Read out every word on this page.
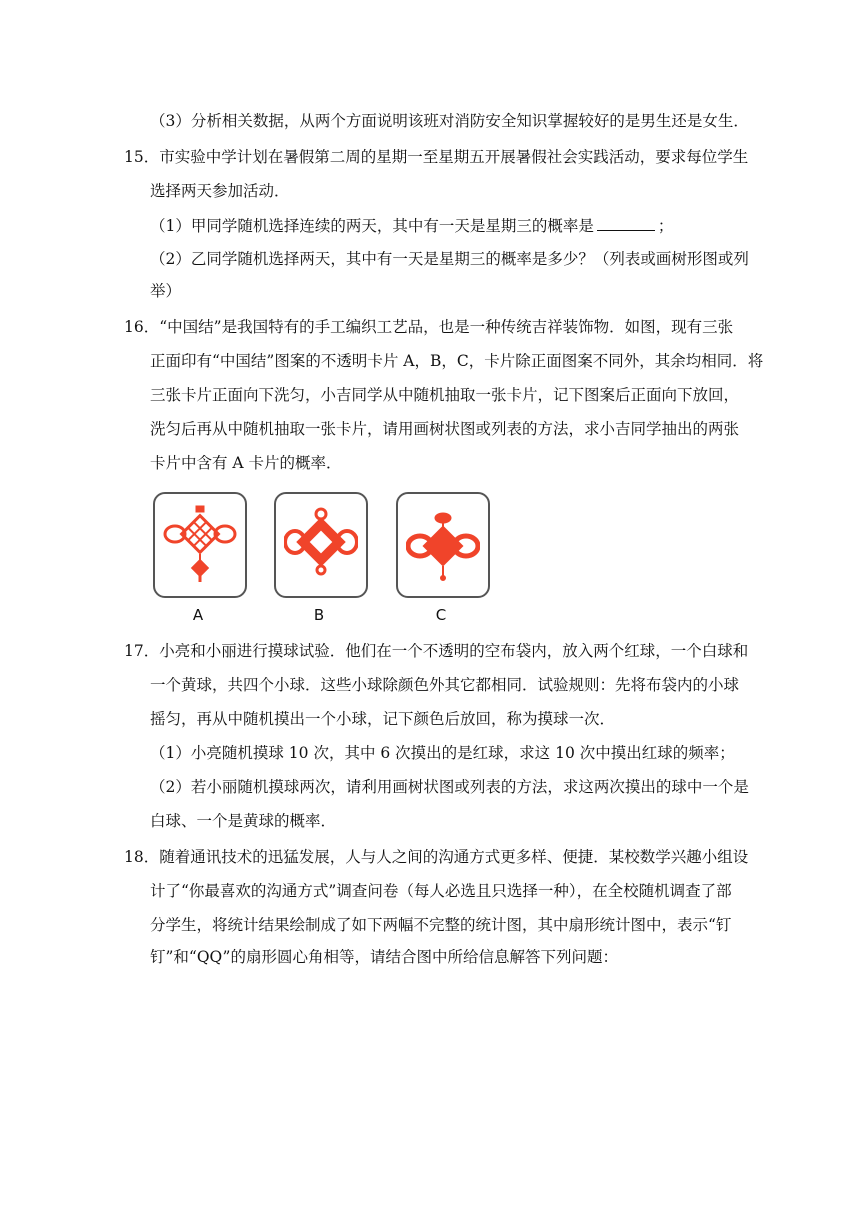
（3）分析相关数据，从两个方面说明该班对消防安全知识掌握较好的是男生还是女生．
15．市实验中学计划在暑假第二周的星期一至星期五开展暑假社会实践活动，要求每位学生
选择两天参加活动．
（1）甲同学随机选择连续的两天，其中有一天是星期三的概率是	；
（2）乙同学随机选择两天，其中有一天是星期三的概率是多少？（列表或画树形图或列
举）
16．“中国结”是我国特有的手工编织工艺品，也是一种传统吉祥装饰物．如图，现有三张
正面印有“中国结”图案的不透明卡片 A，B，C，卡片除正面图案不同外，其余均相同．将
三张卡片正面向下洗匀，小吉同学从中随机抽取一张卡片，记下图案后正面向下放回，
洗匀后再从中随机抽取一张卡片，请用画树状图或列表的方法，求小吉同学抽出的两张
卡片中含有 A 卡片的概率．
A	B	C
17．小亮和小丽进行摸球试验．他们在一个不透明的空布袋内，放入两个红球，一个白球和
一个黄球，共四个小球．这些小球除颜色外其它都相同．试验规则：先将布袋内的小球
摇匀，再从中随机摸出一个小球，记下颜色后放回，称为摸球一次．
（1）小亮随机摸球 10 次，其中 6 次摸出的是红球，求这 10 次中摸出红球的频率；
（2）若小丽随机摸球两次，请利用画树状图或列表的方法，求这两次摸出的球中一个是
白球、一个是黄球的概率．
18．随着通讯技术的迅猛发展，人与人之间的沟通方式更多样、便捷．某校数学兴趣小组设
计了“你最喜欢的沟通方式”调查问卷（每人必选且只选择一种），在全校随机调查了部
分学生，将统计结果绘制成了如下两幅不完整的统计图，其中扇形统计图中，表示“钉
钉”和“QQ”的扇形圆心角相等，请结合图中所给信息解答下列问题：
